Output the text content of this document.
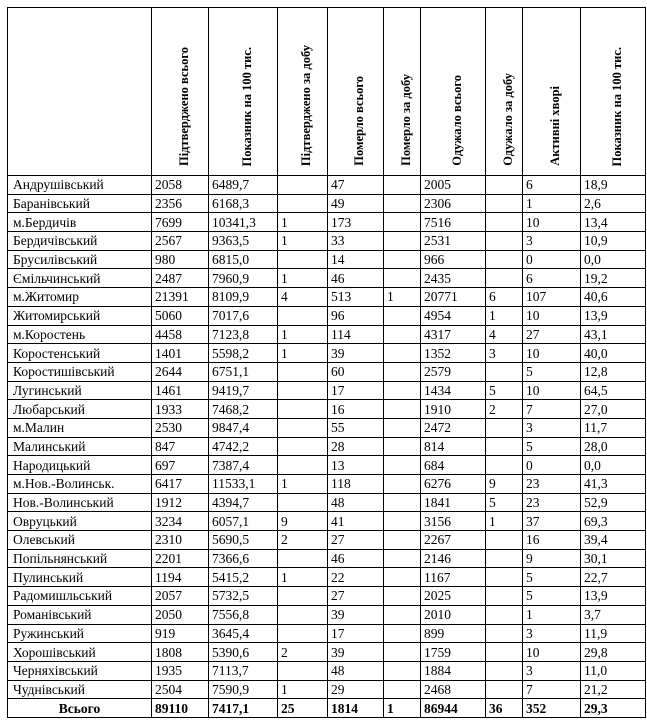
	Підтверджено всього	Показник на 100 тис.	Підтверджено за добу	Померло всього	Померло за добу	Одужало всього	Одужало за добу	Активні хворі	Показник на 100 тис.
Андрушівський	2058	6489,7		47		2005		6	18,9
Баранівський	2356	6168,3		49		2306		1	2,6
м.Бердичів	7699	10341,3	1	173		7516		10	13,4
Бердичівський	2567	9363,5	1	33		2531		3	10,9
Брусилівський	980	6815,0		14		966		0	0,0
Ємільчинський	2487	7960,9	1	46		2435		6	19,2
м.Житомир	21391	8109,9	4	513	1	20771	6	107	40,6
Житомирський	5060	7017,6		96		4954	1	10	13,9
м.Коростень	4458	7123,8	1	114		4317	4	27	43,1
Коростенський	1401	5598,2	1	39		1352	3	10	40,0
Коростишівський	2644	6751,1		60		2579		5	12,8
Лугинський	1461	9419,7		17		1434	5	10	64,5
Любарський	1933	7468,2		16		1910	2	7	27,0
м.Малин	2530	9847,4		55		2472		3	11,7
Малинський	847	4742,2		28		814		5	28,0
Народицький	697	7387,4		13		684		0	0,0
м.Нов.-Волинськ.	6417	11533,1	1	118		6276	9	23	41,3
Нов.-Волинський	1912	4394,7		48		1841	5	23	52,9
Овруцький	3234	6057,1	9	41		3156	1	37	69,3
Олевський	2310	5690,5	2	27		2267		16	39,4
Попільнянський	2201	7366,6		46		2146		9	30,1
Пулинський	1194	5415,2	1	22		1167		5	22,7
Радомишльський	2057	5732,5		27		2025		5	13,9
Романівський	2050	7556,8		39		2010		1	3,7
Ружинський	919	3645,4		17		899		3	11,9
Хорошівський	1808	5390,6	2	39		1759		10	29,8
Черняхівський	1935	7113,7		48		1884		3	11,0
Чуднівський	2504	7590,9	1	29		2468		7	21,2
Всього	89110	7417,1	25	1814	1	86944	36	352	29,3
